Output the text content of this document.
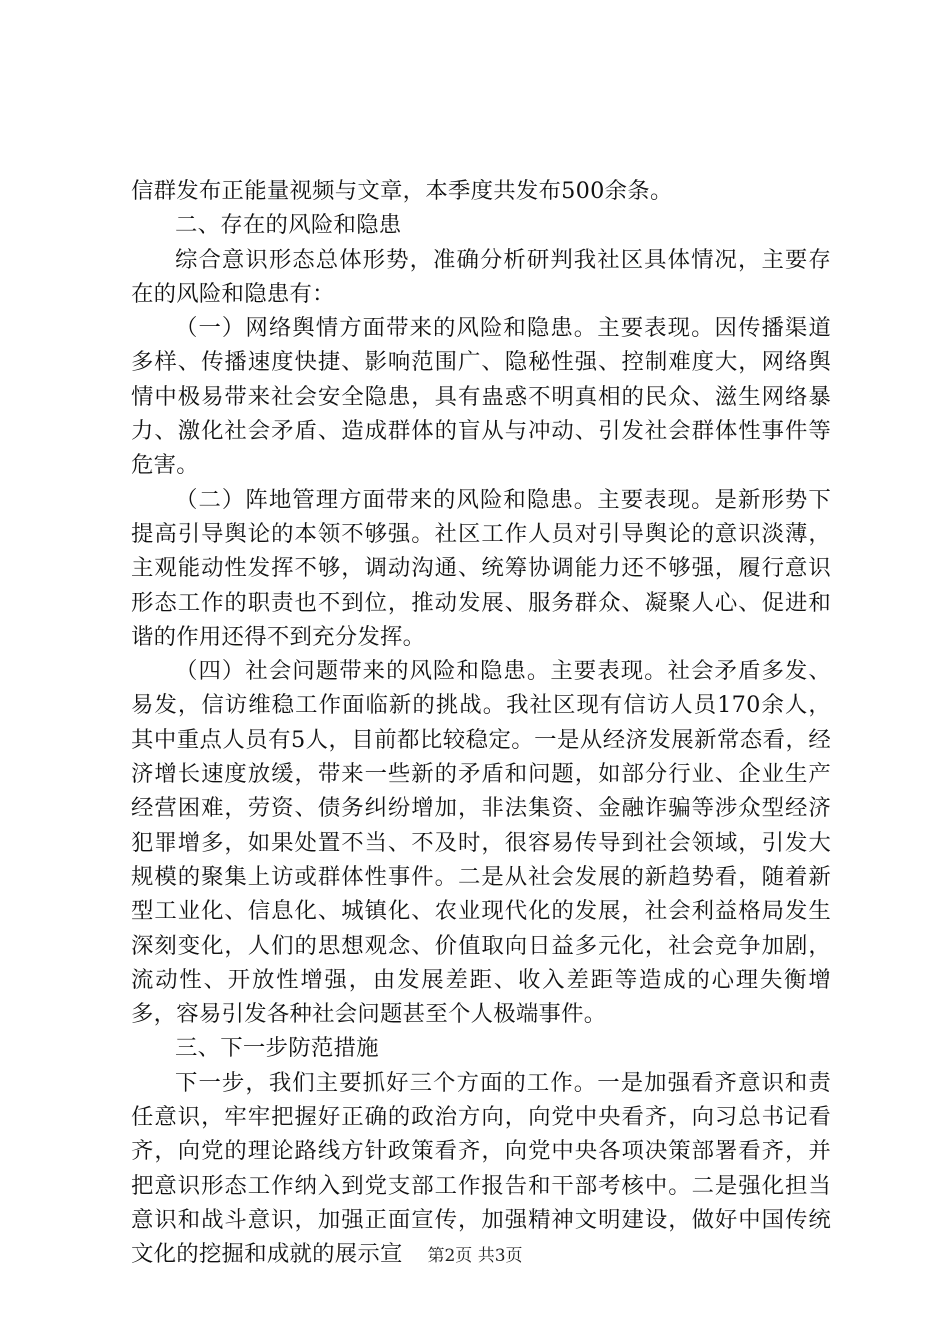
信群发布正能量视频与文章，本季度共发布500余条。

二、存在的风险和隐患

综合意识形态总体形势，准确分析研判我社区具体情况，主要存在的风险和隐患有：

（一）网络舆情方面带来的风险和隐患。主要表现。因传播渠道多样、传播速度快捷、影响范围广、隐秘性强、控制难度大，网络舆情中极易带来社会安全隐患，具有蛊惑不明真相的民众、滋生网络暴力、激化社会矛盾、造成群体的盲从与冲动、引发社会群体性事件等危害。

（二）阵地管理方面带来的风险和隐患。主要表现。是新形势下提高引导舆论的本领不够强。社区工作人员对引导舆论的意识淡薄，主观能动性发挥不够，调动沟通、统筹协调能力还不够强，履行意识形态工作的职责也不到位，推动发展、服务群众、凝聚人心、促进和谐的作用还得不到充分发挥。

（四）社会问题带来的风险和隐患。主要表现。社会矛盾多发、易发，信访维稳工作面临新的挑战。我社区现有信访人员170余人，其中重点人员有5人，目前都比较稳定。一是从经济发展新常态看，经济增长速度放缓，带来一些新的矛盾和问题，如部分行业、企业生产经营困难，劳资、债务纠纷增加，非法集资、金融诈骗等涉众型经济犯罪增多，如果处置不当、不及时，很容易传导到社会领域，引发大规模的聚集上访或群体性事件。二是从社会发展的新趋势看，随着新型工业化、信息化、城镇化、农业现代化的发展，社会利益格局发生深刻变化，人们的思想观念、价值取向日益多元化，社会竞争加剧，流动性、开放性增强，由发展差距、收入差距等造成的心理失衡增多，容易引发各种社会问题甚至个人极端事件。

三、下一步防范措施

下一步，我们主要抓好三个方面的工作。一是加强看齐意识和责任意识，牢牢把握好正确的政治方向，向党中央看齐，向习总书记看齐，向党的理论路线方针政策看齐，向党中央各项决策部署看齐，并把意识形态工作纳入到党支部工作报告和干部考核中。二是强化担当意识和战斗意识，加强正面宣传，加强精神文明建设，做好中国传统文化的挖掘和成就的展示宣	第2页 共3页
